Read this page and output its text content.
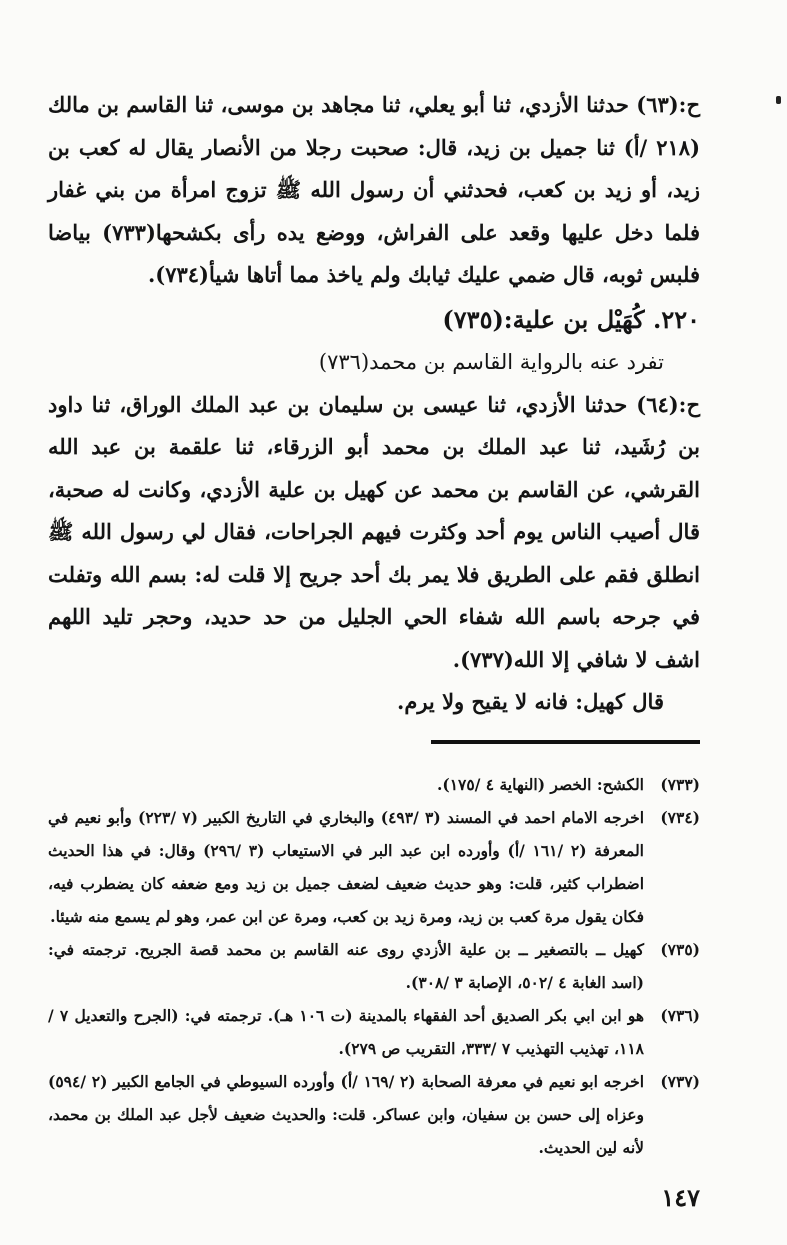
ح:(٦٣) حدثنا الأزدي، ثنا أبو يعلي، ثنا مجاهد بن موسى، ثنا القاسم بن مالك (٢١٨ /أ) ثنا جميل بن زيد، قال: صحبت رجلا من الأنصار يقال له كعب بن زيد، أو زيد بن كعب، فحدثني أن رسول الله ﷺ تزوج امرأة من بني غفار فلما دخل عليها وقعد على الفراش، ووضع يده رأى بكشحها(٧٣٣) بياضا فلبس ثوبه، قال ضمي عليك ثيابك ولم ياخذ مما أتاها شيأ(٧٣٤).

٢٢٠. كُهَيْل بن علية:(٧٣٥)

تفرد عنه بالرواية القاسم بن محمد(٧٣٦)

ح:(٦٤) حدثنا الأزدي، ثنا عيسى بن سليمان بن عبد الملك الوراق، ثنا داود بن رُشَيد، ثنا عبد الملك بن محمد أبو الزرقاء، ثنا علقمة بن عبد الله القرشي، عن القاسم بن محمد عن كهيل بن علية الأزدي، وكانت له صحبة، قال أصيب الناس يوم أحد وكثرت فيهم الجراحات، فقال لي رسول الله ﷺ انطلق فقم على الطريق فلا يمر بك أحد جريح إلا قلت له: بسم الله وتفلت في جرحه باسم الله شفاء الحي الجليل من حد حديد، وحجر تليد اللهم اشف لا شافي إلا الله(٧٣٧).

قال كهيل: فانه لا يقيح ولا يرم.

(٧٣٣)
الكشح: الخصر (النهاية ٤ /١٧٥).

(٧٣٤)
اخرجه الامام احمد في المسند (٣ /٤٩٣) والبخاري في التاريخ الكبير (٧ /٢٢٣) وأبو نعيم في المعرفة (٢ /١٦١ /أ) وأورده ابن عبد البر في الاستيعاب (٣ /٢٩٦) وقال: في هذا الحديث اضطراب كثير، قلت: وهو حديث ضعيف لضعف جميل بن زيد ومع ضعفه كان يضطرب فيه، فكان يقول مرة كعب بن زيد، ومرة زيد بن كعب، ومرة عن ابن عمر، وهو لم يسمع منه شيئا.

(٧٣٥)
كهيل ــ بالتصغير ــ بن علية الأزدي روى عنه القاسم بن محمد قصة الجريح. ترجمته في: (اسد الغابة ٤ /٥٠٢، الإصابة ٣ /٣٠٨).

(٧٣٦)
هو ابن ابي بكر الصديق أحد الفقهاء بالمدينة (ت ١٠٦ هـ). ترجمته في: (الجرح والتعديل ٧ /١١٨، تهذيب التهذيب ٧ /٣٣٣، التقريب ص ٢٧٩).

(٧٣٧)
اخرجه ابو نعيم في معرفة الصحابة (٢ /١٦٩ /أ) وأورده السيوطي في الجامع الكبير (٢ /٥٩٤) وعزاه إلى حسن بن سفيان، وابن عساكر. قلت: والحديث ضعيف لأجل عبد الملك بن محمد، لأنه لين الحديث.

١٤٧
